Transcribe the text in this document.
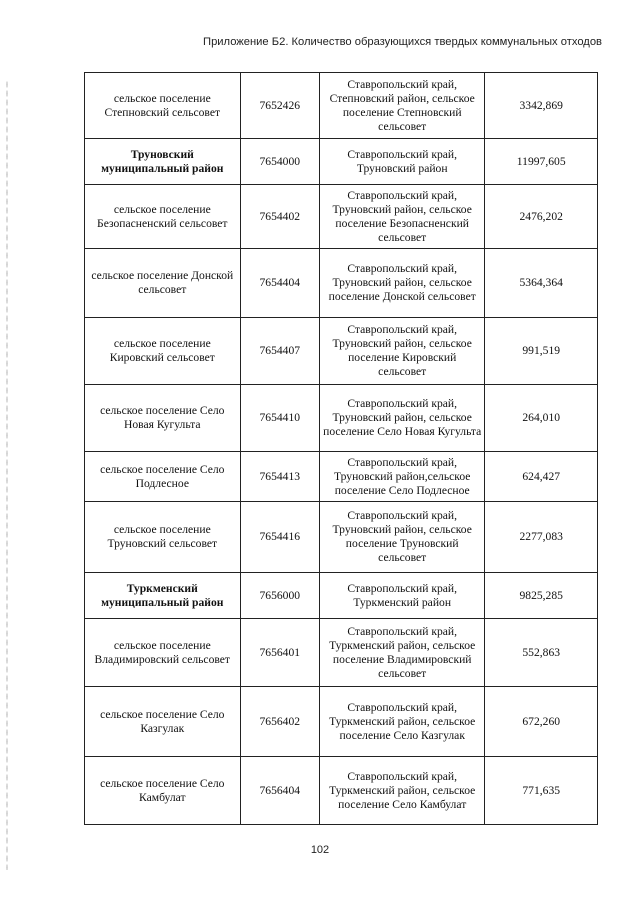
Приложение Б2. Количество образующихся твердых коммунальных отходов
сельское поселение Степновский сельсовет	7652426	Ставропольский край, Степновский район, сельское поселение Степновский сельсовет	3342,869
Труновский муниципальный район	7654000	Ставропольский край, Труновский район	11997,605
сельское поселение Безопасненский сельсовет	7654402	Ставропольский край, Труновский район, сельское поселение Безопасненский сельсовет	2476,202
сельское поселение Донской сельсовет	7654404	Ставропольский край, Труновский район, сельское поселение Донской сельсовет	5364,364
сельское поселение Кировский сельсовет	7654407	Ставропольский край, Труновский район, сельское поселение Кировский сельсовет	991,519
сельское поселение Село Новая Кугульта	7654410	Ставропольский край, Труновский район, сельское поселение Село Новая Кугульта	264,010
сельское поселение Село Подлесное	7654413	Ставропольский край, Труновский район,сельское поселение Село Подлесное	624,427
сельское поселение Труновский сельсовет	7654416	Ставропольский край, Труновский район, сельское поселение Труновский сельсовет	2277,083
Туркменский муниципальный район	7656000	Ставропольский край, Туркменский район	9825,285
сельское поселение Владимировский сельсовет	7656401	Ставропольский край, Туркменский район, сельское поселение Владимировский сельсовет	552,863
сельское поселение Село Казгулак	7656402	Ставропольский край, Туркменский район, сельское поселение Село Казгулак	672,260
сельское поселение Село Камбулат	7656404	Ставропольский край, Туркменский район, сельское поселение Село Камбулат	771,635
102
